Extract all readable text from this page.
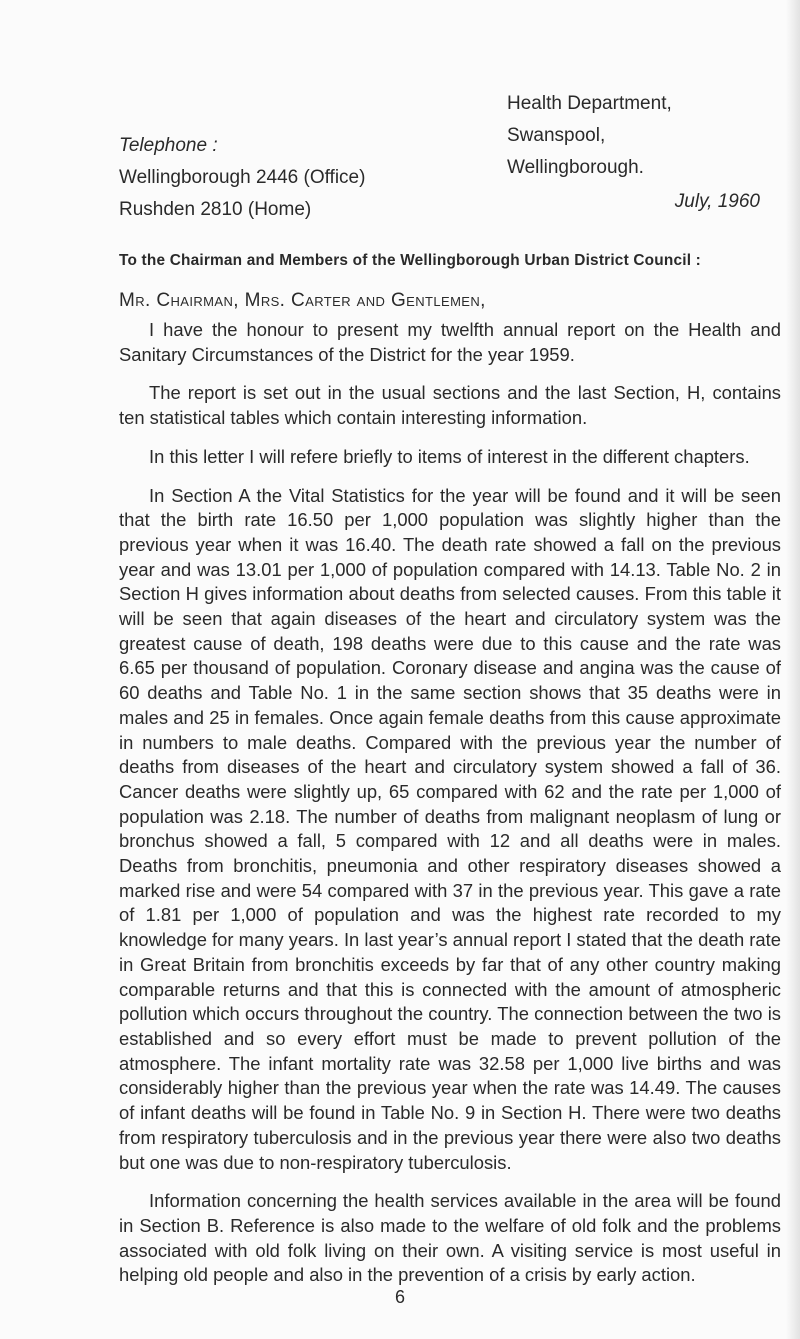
Telephone :
Wellingborough 2446 (Office)
Rushden 2810 (Home)
Health Department,
Swanspool,
Wellingborough.
July, 1960
To the Chairman and Members of the Wellingborough Urban District Council :
Mr. Chairman, Mrs. Carter and Gentlemen,

I have the honour to present my twelfth annual report on the Health and Sanitary Circumstances of the District for the year 1959.

The report is set out in the usual sections and the last Section, H, contains ten statistical tables which contain interesting information.

In this letter I will refere briefly to items of interest in the different chapters.

In Section A the Vital Statistics for the year will be found and it will be seen that the birth rate 16.50 per 1,000 population was slightly higher than the previous year when it was 16.40. The death rate showed a fall on the previous year and was 13.01 per 1,000 of population compared with 14.13. Table No. 2 in Section H gives information about deaths from selected causes. From this table it will be seen that again diseases of the heart and circulatory system was the greatest cause of death, 198 deaths were due to this cause and the rate was 6.65 per thousand of population. Coronary disease and angina was the cause of 60 deaths and Table No. 1 in the same section shows that 35 deaths were in males and 25 in females. Once again female deaths from this cause approximate in numbers to male deaths. Compared with the previous year the number of deaths from diseases of the heart and circulatory system showed a fall of 36. Cancer deaths were slightly up, 65 compared with 62 and the rate per 1,000 of population was 2.18. The number of deaths from malignant neoplasm of lung or bronchus showed a fall, 5 compared with 12 and all deaths were in males. Deaths from bronchitis, pneumonia and other respiratory diseases showed a marked rise and were 54 compared with 37 in the previous year. This gave a rate of 1.81 per 1,000 of population and was the highest rate recorded to my knowledge for many years. In last year’s annual report I stated that the death rate in Great Britain from bronchitis exceeds by far that of any other country making comparable returns and that this is connected with the amount of atmospheric pollution which occurs throughout the country. The connection between the two is established and so every effort must be made to prevent pollution of the atmosphere. The infant mortality rate was 32.58 per 1,000 live births and was considerably higher than the previous year when the rate was 14.49. The causes of infant deaths will be found in Table No. 9 in Section H. There were two deaths from respiratory tuberculosis and in the previous year there were also two deaths but one was due to non-respiratory tuberculosis.

Information concerning the health services available in the area will be found in Section B. Reference is also made to the welfare of old folk and the problems associated with old folk living on their own. A visiting service is most useful in helping old people and also in the prevention of a crisis by early action.

6
